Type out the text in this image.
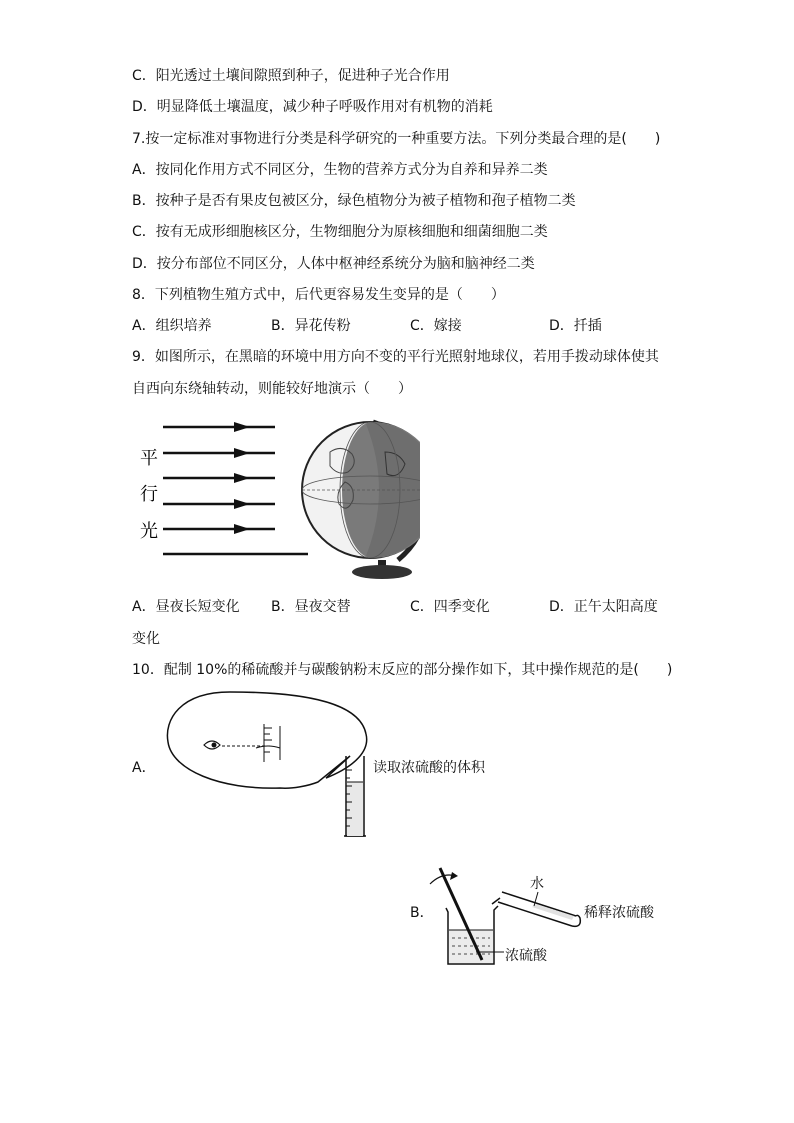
C．阳光透过土壤间隙照到种子，促进种子光合作用
D．明显降低土壤温度，减少种子呼吸作用对有机物的消耗
7.按一定标准对事物进行分类是科学研究的一种重要方法。下列分类最合理的是(　　)
A．按同化作用方式不同区分，生物的营养方式分为自养和异养二类
B．按种子是否有果皮包被区分，绿色植物分为被子植物和孢子植物二类
C．按有无成形细胞核区分，生物细胞分为原核细胞和细菌细胞二类
D．按分布部位不同区分，人体中枢神经系统分为脑和脑神经二类
8．下列植物生殖方式中，后代更容易发生变异的是（　　）
A．组织培养	B．异花传粉	C．嫁接	D．扦插
9．如图所示，在黑暗的环境中用方向不变的平行光照射地球仪，若用手拨动球体使其
自西向东绕轴转动，则能较好地演示（　　）
平
行
光
A．昼夜长短变化 B．昼夜交替	C．四季变化	D．正午太阳高度
变化
10．配制 10%的稀硫酸并与碳酸钠粉末反应的部分操作如下，其中操作规范的是(　　)
A．	读取浓硫酸的体积
B．
水
稀释浓硫酸
浓硫酸
